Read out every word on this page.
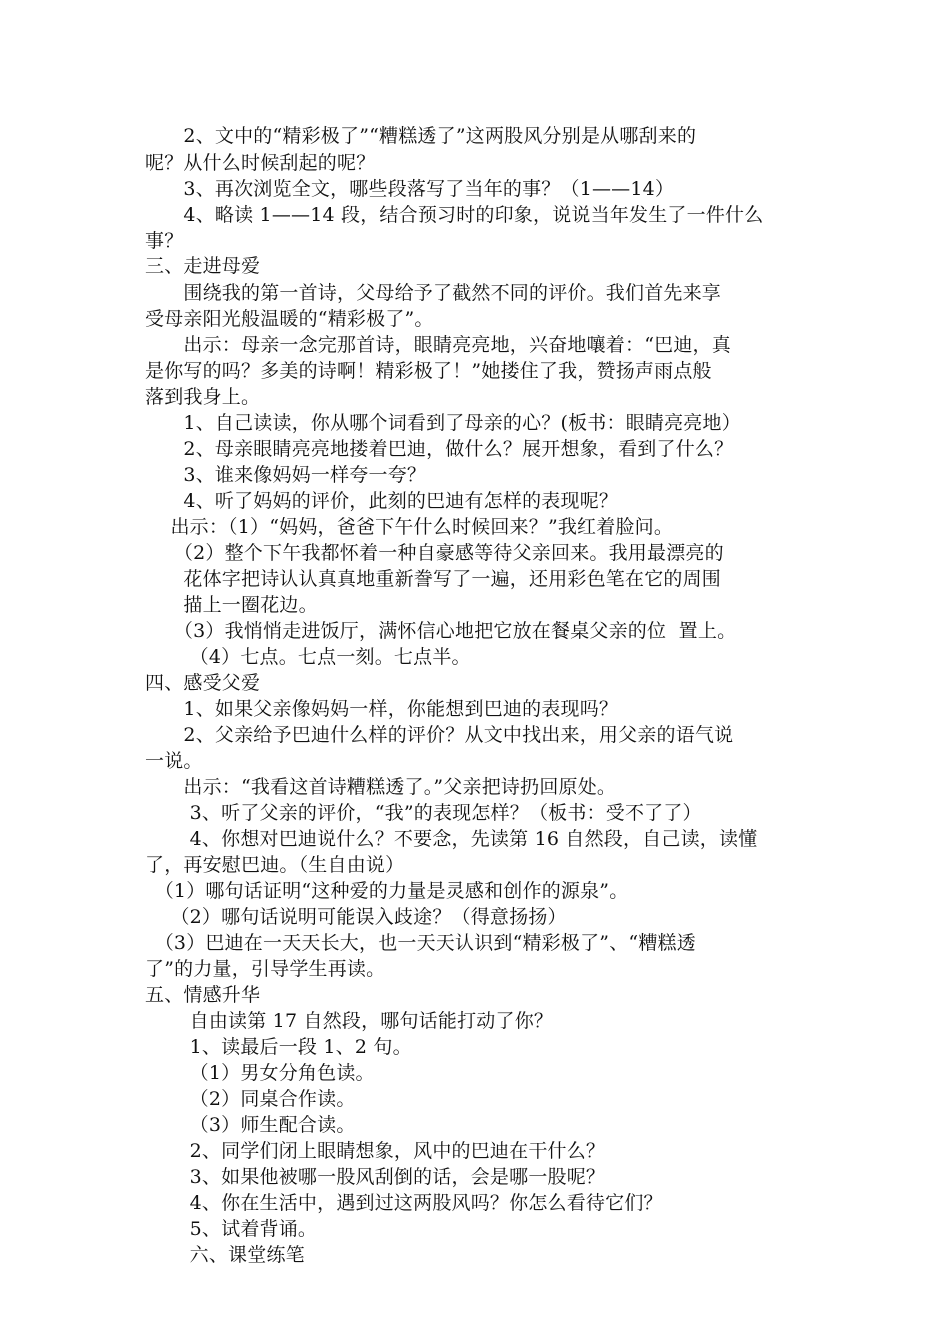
　　2、文中的“精彩极了”“糟糕透了”这两股风分别是从哪刮来的
呢？从什么时候刮起的呢？
　　3、再次浏览全文，哪些段落写了当年的事？（1——14）
　　4、略读 1——14 段，结合预习时的印象，说说当年发生了一件什么
事？
三、走进母爱
　　围绕我的第一首诗，父母给予了截然不同的评价。我们首先来享
受母亲阳光般温暖的“精彩极了”。
　　出示：母亲一念完那首诗，眼睛亮亮地，兴奋地嚷着：“巴迪，真
是你写的吗？多美的诗啊！精彩极了！”她搂住了我，赞扬声雨点般
落到我身上。
　　1、自己读读，你从哪个词看到了母亲的心？(板书：眼睛亮亮地）
　　2、母亲眼睛亮亮地搂着巴迪，做什么？展开想象，看到了什么？
　　3、谁来像妈妈一样夸一夸？
　　4、听了妈妈的评价，此刻的巴迪有怎样的表现呢？
　 出示：（1）“妈妈，爸爸下午什么时候回来？”我红着脸问。
　　（2）整个下午我都怀着一种自豪感等待父亲回来。我用最漂亮的
　　花体字把诗认认真真地重新誊写了一遍，还用彩色笔在它的周围
　　描上一圈花边。
　　（3）我悄悄走进饭厅，满怀信心地把它放在餐桌父亲的位  置上。
　　 （4）七点。七点一刻。七点半。
四、感受父爱
　　1、如果父亲像妈妈一样，你能想到巴迪的表现吗？
　　2、父亲给予巴迪什么样的评价？从文中找出来，用父亲的语气说
一说。
　　出示：“我看这首诗糟糕透了。”父亲把诗扔回原处。
　　 3、听了父亲的评价，“我”的表现怎样？（板书：受不了了）
　　 4、你想对巴迪说什么？不要念，先读第 16 自然段，自己读，读懂
了，再安慰巴迪。（生自由说）
　（1）哪句话证明“这种爱的力量是灵感和创作的源泉”。
　 （2）哪句话说明可能误入歧途？（得意扬扬）
　（3）巴迪在一天天长大，也一天天认识到“精彩极了”、“糟糕透
了”的力量，引导学生再读。
五、情感升华
　　 自由读第 17 自然段，哪句话能打动了你？
　　 1、读最后一段 1、2 句。
　　 （1）男女分角色读。
　　 （2）同桌合作读。
　　 （3）师生配合读。
　　 2、同学们闭上眼睛想象，风中的巴迪在干什么？
　　 3、如果他被哪一股风刮倒的话，会是哪一股呢？
　　 4、你在生活中，遇到过这两股风吗？你怎么看待它们？
　　 5、试着背诵。
　　 六、课堂练笔
